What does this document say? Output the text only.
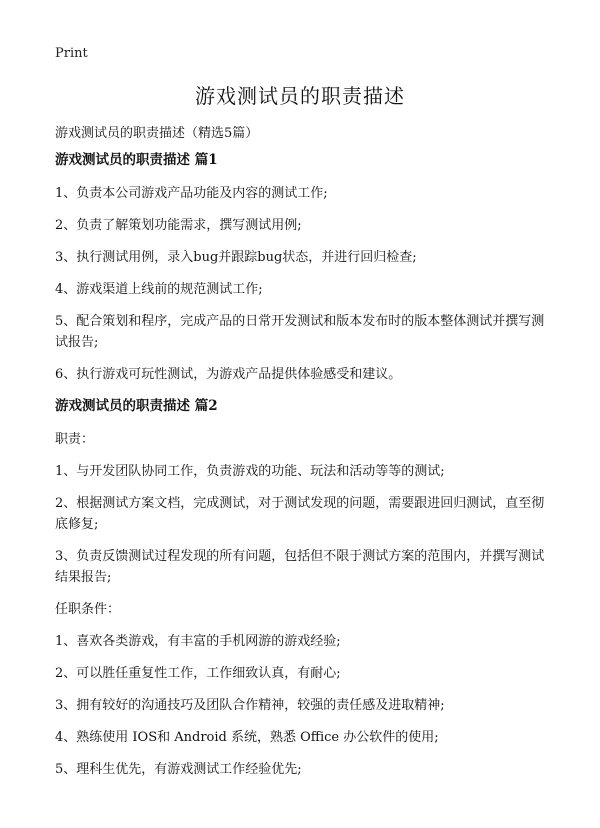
Print
游戏测试员的职责描述
游戏测试员的职责描述（精选5篇）

游戏测试员的职责描述 篇1

1、负责本公司游戏产品功能及内容的测试工作;

2、负责了解策划功能需求，撰写测试用例;

3、执行测试用例，录入bug并跟踪bug状态，并进行回归检查;

4、游戏渠道上线前的规范测试工作;

5、配合策划和程序，完成产品的日常开发测试和版本发布时的版本整体测试并撰写测试报告;

6、执行游戏可玩性测试，为游戏产品提供体验感受和建议。

游戏测试员的职责描述 篇2

职责：

1、与开发团队协同工作，负责游戏的功能、玩法和活动等等的测试;

2、根据测试方案文档，完成测试，对于测试发现的问题，需要跟进回归测试，直至彻底修复;

3、负责反馈测试过程发现的所有问题，包括但不限于测试方案的范围内，并撰写测试结果报告;

任职条件：

1、喜欢各类游戏，有丰富的手机网游的游戏经验;

2、可以胜任重复性工作，工作细致认真，有耐心;

3、拥有较好的沟通技巧及团队合作精神，较强的责任感及进取精神;

4、熟练使用 IOS和 Android 系统，熟悉 Office 办公软件的使用;

5、理科生优先，有游戏测试工作经验优先;
